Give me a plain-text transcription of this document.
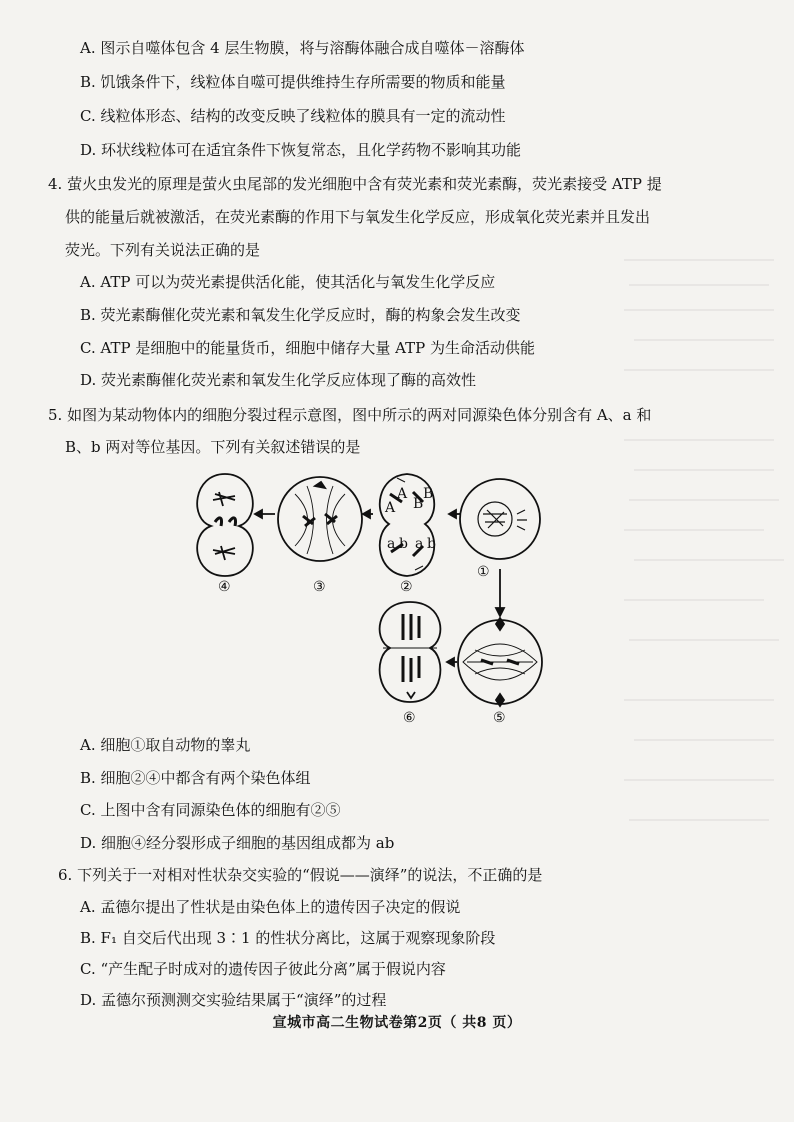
A. 图示自噬体包含 4 层生物膜，将与溶酶体融合成自噬体－溶酶体
B. 饥饿条件下，线粒体自噬可提供维持生存所需要的物质和能量
C. 线粒体形态、结构的改变反映了线粒体的膜具有一定的流动性
D. 环状线粒体可在适宜条件下恢复常态，且化学药物不影响其功能
4. 萤火虫发光的原理是萤火虫尾部的发光细胞中含有荧光素和荧光素酶，荧光素接受 ATP 提
供的能量后就被激活，在荧光素酶的作用下与氧发生化学反应，形成氧化荧光素并且发出
荧光。下列有关说法正确的是
A. ATP 可以为荧光素提供活化能，使其活化与氧发生化学反应
B. 荧光素酶催化荧光素和氧发生化学反应时，酶的构象会发生改变
C. ATP 是细胞中的能量货币，细胞中储存大量 ATP 为生命活动供能
D. 荧光素酶催化荧光素和氧发生化学反应体现了酶的高效性
5. 如图为某动物体内的细胞分裂过程示意图，图中所示的两对同源染色体分别含有 A、a 和
B、b 两对等位基因。下列有关叙述错误的是
A B
B
A
a b a b
④	③	②
①
⑥	⑤
A. 细胞①取自动物的睾丸
B. 细胞②④中都含有两个染色体组
C. 上图中含有同源染色体的细胞有②⑤
D. 细胞④经分裂形成子细胞的基因组成都为 ab
6. 下列关于一对相对性状杂交实验的“假说——演绎”的说法，不正确的是
A. 孟德尔提出了性状是由染色体上的遗传因子决定的假说
B. F₁ 自交后代出现 3∶1 的性状分离比，这属于观察现象阶段
C. “产生配子时成对的遗传因子彼此分离”属于假说内容
D. 孟德尔预测测交实验结果属于“演绎”的过程
宣城市高二生物试卷第2页（ 共8 页）
